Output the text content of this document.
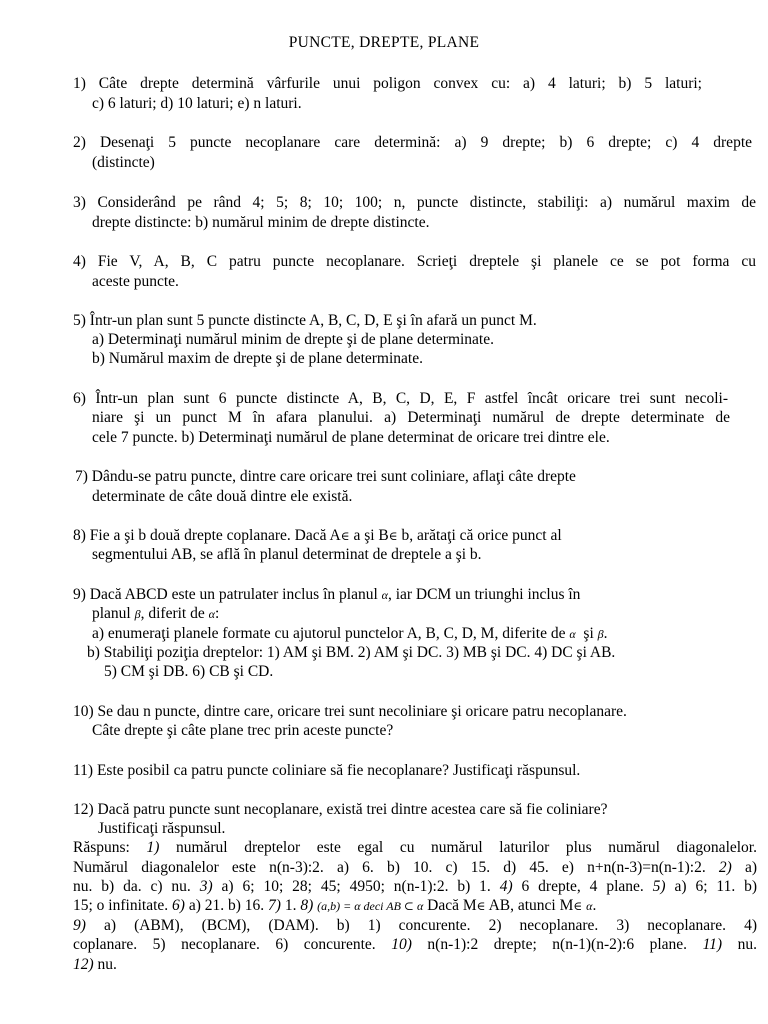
PUNCTE, DREPTE, PLANE
1) Câte drepte determină vârfurile unui poligon convex cu: a) 4 laturi; b) 5 laturi;
c) 6 laturi; d) 10 laturi; e) n laturi.
2) Desenaţi 5 puncte necoplanare care determină: a) 9 drepte; b) 6 drepte; c) 4 drepte
(distincte)
3) Considerând pe rând 4; 5; 8; 10; 100; n, puncte distincte, stabiliţi: a) numărul maxim de
drepte distincte: b) numărul minim de drepte distincte.
4) Fie V, A, B, C patru puncte necoplanare. Scrieţi dreptele şi planele ce se pot forma cu
aceste puncte.
5) Într-un plan sunt 5 puncte distincte A, B, C, D, E şi în afară un punct M.
a) Determinaţi numărul minim de drepte şi de plane determinate.
b) Numărul maxim de drepte şi de plane determinate.
6) Într-un plan sunt 6 puncte distincte A, B, C, D, E, F astfel încât oricare trei sunt necoli-
niare şi un punct M în afara planului. a) Determinaţi numărul de drepte determinate de
cele 7 puncte. b) Determinaţi numărul de plane determinat de oricare trei dintre ele.
7) Dându-se patru puncte, dintre care oricare trei sunt coliniare, aflaţi câte drepte
determinate de câte două dintre ele există.
8) Fie a şi b două drepte coplanare. Dacă A∈ a şi B∈ b, arătaţi că orice punct al
segmentului AB, se află în planul determinat de dreptele a şi b.
9) Dacă ABCD este un patrulater inclus în planul α, iar DCM un triunghi inclus în
planul β, diferit de α:
a) enumeraţi planele formate cu ajutorul punctelor A, B, C, D, M, diferite de α şi β.
b) Stabiliţi poziţia dreptelor: 1) AM şi BM. 2) AM şi DC. 3) MB şi DC. 4) DC şi AB.
5) CM şi DB. 6) CB şi CD.
10) Se dau n puncte, dintre care, oricare trei sunt necoliniare şi oricare patru necoplanare.
Câte drepte şi câte plane trec prin aceste puncte?
11) Este posibil ca patru puncte coliniare să fie necoplanare? Justificaţi răspunsul.
12) Dacă patru puncte sunt necoplanare, există trei dintre acestea care să fie coliniare?
Justificaţi răspunsul.
Răspuns: 1) numărul dreptelor este egal cu numărul laturilor plus numărul diagonalelor.
Numărul diagonalelor este n(n-3):2. a) 6. b) 10. c) 15. d) 45. e) n+n(n-3)=n(n-1):2. 2) a)
nu. b) da. c) nu. 3) a) 6; 10; 28; 45; 4950; n(n-1):2. b) 1. 4) 6 drepte, 4 plane. 5) a) 6; 11. b)
15; o infinitate. 6) a) 21. b) 16. 7) 1. 8) (a,b) = α deci AB ⊂ α Dacă M∈ AB, atunci M∈ α.
9) a) (ABM), (BCM), (DAM). b) 1) concurente. 2) necoplanare. 3) necoplanare. 4)
coplanare. 5) necoplanare. 6) concurente. 10) n(n-1):2 drepte; n(n-1)(n-2):6 plane. 11) nu.
12) nu.
